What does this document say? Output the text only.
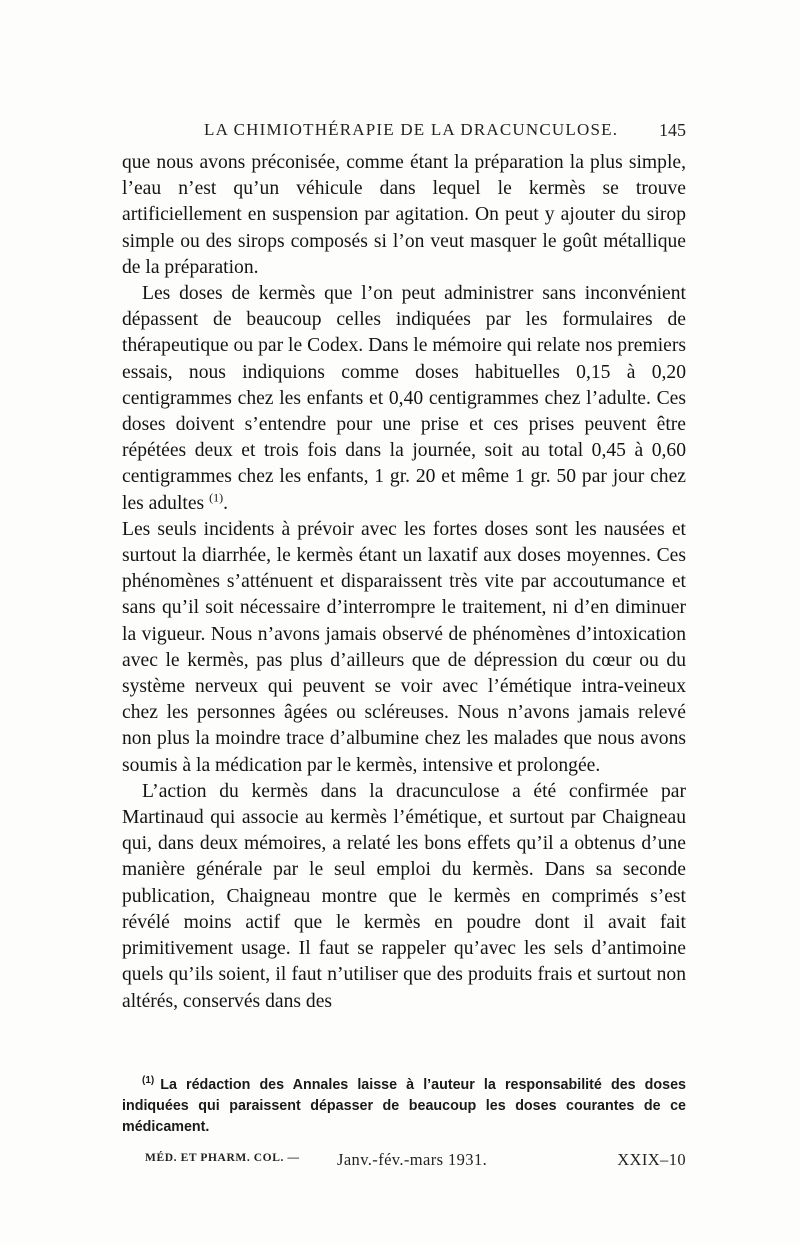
LA CHIMIOTHÉRAPIE DE LA DRACUNCULOSE. 145

que nous avons préconisée, comme étant la préparation la plus simple, l’eau n’est qu’un véhicule dans lequel le kermès se trouve artificiellement en suspension par agitation. On peut y ajouter du sirop simple ou des sirops composés si l’on veut masquer le goût métallique de la préparation.

Les doses de kermès que l’on peut administrer sans inconvénient dépassent de beaucoup celles indiquées par les formulaires de thérapeutique ou par le Codex. Dans le mémoire qui relate nos premiers essais, nous indiquions comme doses habituelles 0,15 à 0,20 centigrammes chez les enfants et 0,40 centigrammes chez l’adulte. Ces doses doivent s’entendre pour une prise et ces prises peuvent être répétées deux et trois fois dans la journée, soit au total 0,45 à 0,60 centigrammes chez les enfants, 1 gr. 20 et même 1 gr. 50 par jour chez les adultes $^{(1)}$.

Les seuls incidents à prévoir avec les fortes doses sont les nausées et surtout la diarrhée, le kermès étant un laxatif aux doses moyennes. Ces phénomènes s’atténuent et disparaissent très vite par accoutumance et sans qu’il soit nécessaire d’interrompre le traitement, ni d’en diminuer la vigueur. Nous n’avons jamais observé de phénomènes d’intoxication avec le kermès, pas plus d’ailleurs que de dépression du cœur ou du système nerveux qui peuvent se voir avec l’émétique intra-veineux chez les personnes âgées ou scléreuses. Nous n’avons jamais relevé non plus la moindre trace d’albumine chez les malades que nous avons soumis à la médication par le kermès, intensive et prolongée.

L’action du kermès dans la dracunculose a été confirmée par Martinaud qui associe au kermès l’émétique, et surtout par Chaigneau qui, dans deux mémoires, a relaté les bons effets qu’il a obtenus d’une manière générale par le seul emploi du kermès. Dans sa seconde publication, Chaigneau montre que le kermès en comprimés s’est révélé moins actif que le kermès en poudre dont il avait fait primitivement usage. Il faut se rappeler qu’avec les sels d’antimoine quels qu’ils soient, il faut n’utiliser que des produits frais et surtout non altérés, conservés dans des

$^{(1)}$ La rédaction des Annales laisse à l’auteur la responsabilité des doses indiquées qui paraissent dépasser de beaucoup les doses courantes de ce médicament.
MÉD. ET PHARM. COL. — Janv.-fév.-mars 1931.	XXIX–10
